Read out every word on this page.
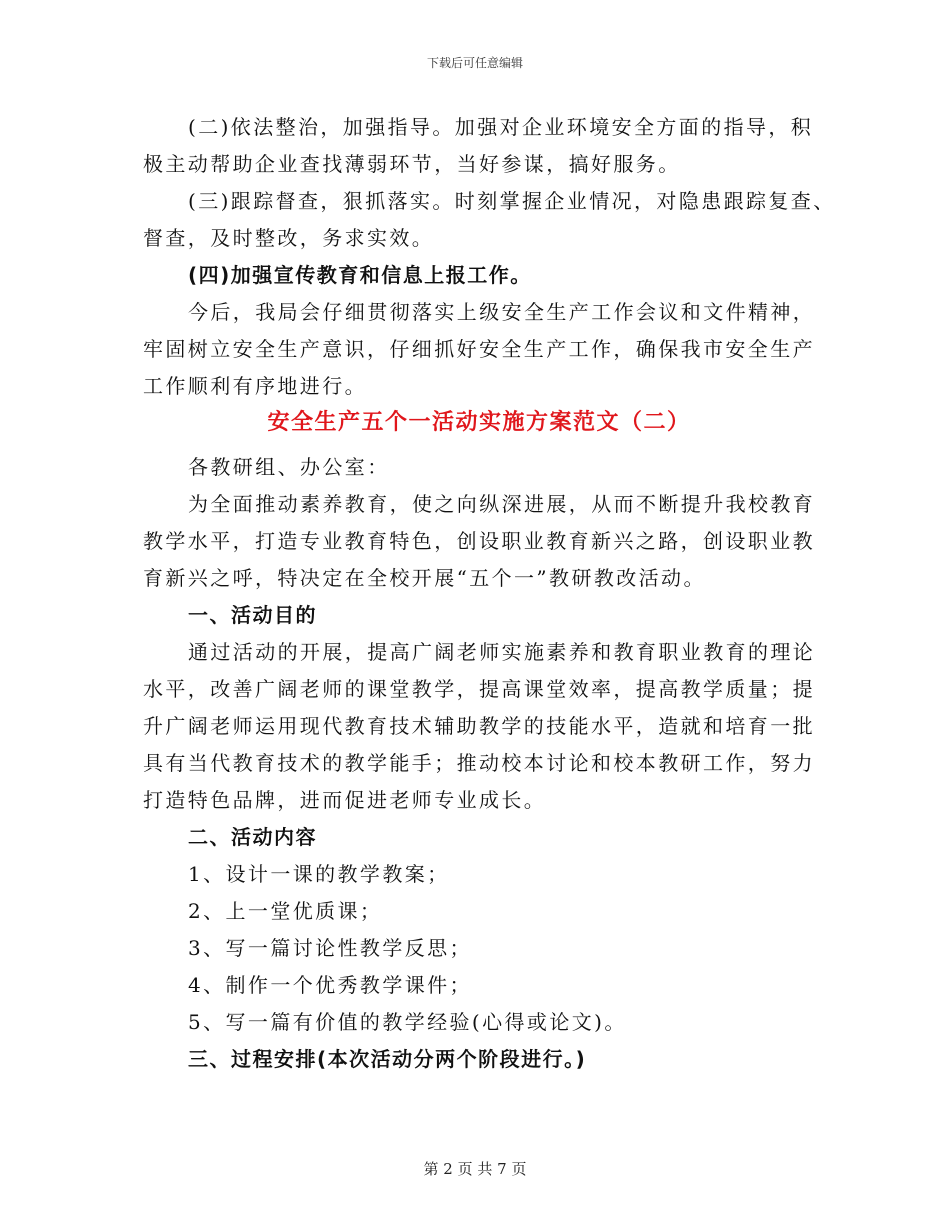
下载后可任意编辑
(二)依法整治，加强指导。加强对企业环境安全方面的指导，积
极主动帮助企业查找薄弱环节，当好参谋，搞好服务。
(三)跟踪督查，狠抓落实。时刻掌握企业情况，对隐患跟踪复查、
督查，及时整改，务求实效。
(四)加强宣传教育和信息上报工作。
今后，我局会仔细贯彻落实上级安全生产工作会议和文件精神，
牢固树立安全生产意识，仔细抓好安全生产工作，确保我市安全生产
工作顺利有序地进行。
安全生产五个一活动实施方案范文（二）
各教研组、办公室：
为全面推动素养教育，使之向纵深进展，从而不断提升我校教育
教学水平，打造专业教育特色，创设职业教育新兴之路，创设职业教
育新兴之呼，特决定在全校开展“五个一”教研教改活动。
一、活动目的
通过活动的开展，提高广阔老师实施素养和教育职业教育的理论
水平，改善广阔老师的课堂教学，提高课堂效率，提高教学质量；提
升广阔老师运用现代教育技术辅助教学的技能水平，造就和培育一批
具有当代教育技术的教学能手；推动校本讨论和校本教研工作，努力
打造特色品牌，进而促进老师专业成长。
二、活动内容
1、设计一课的教学教案；
2、上一堂优质课；
3、写一篇讨论性教学反思；
4、制作一个优秀教学课件；
5、写一篇有价值的教学经验(心得或论文)。
三、过程安排(本次活动分两个阶段进行。)
第 2 页 共 7 页
